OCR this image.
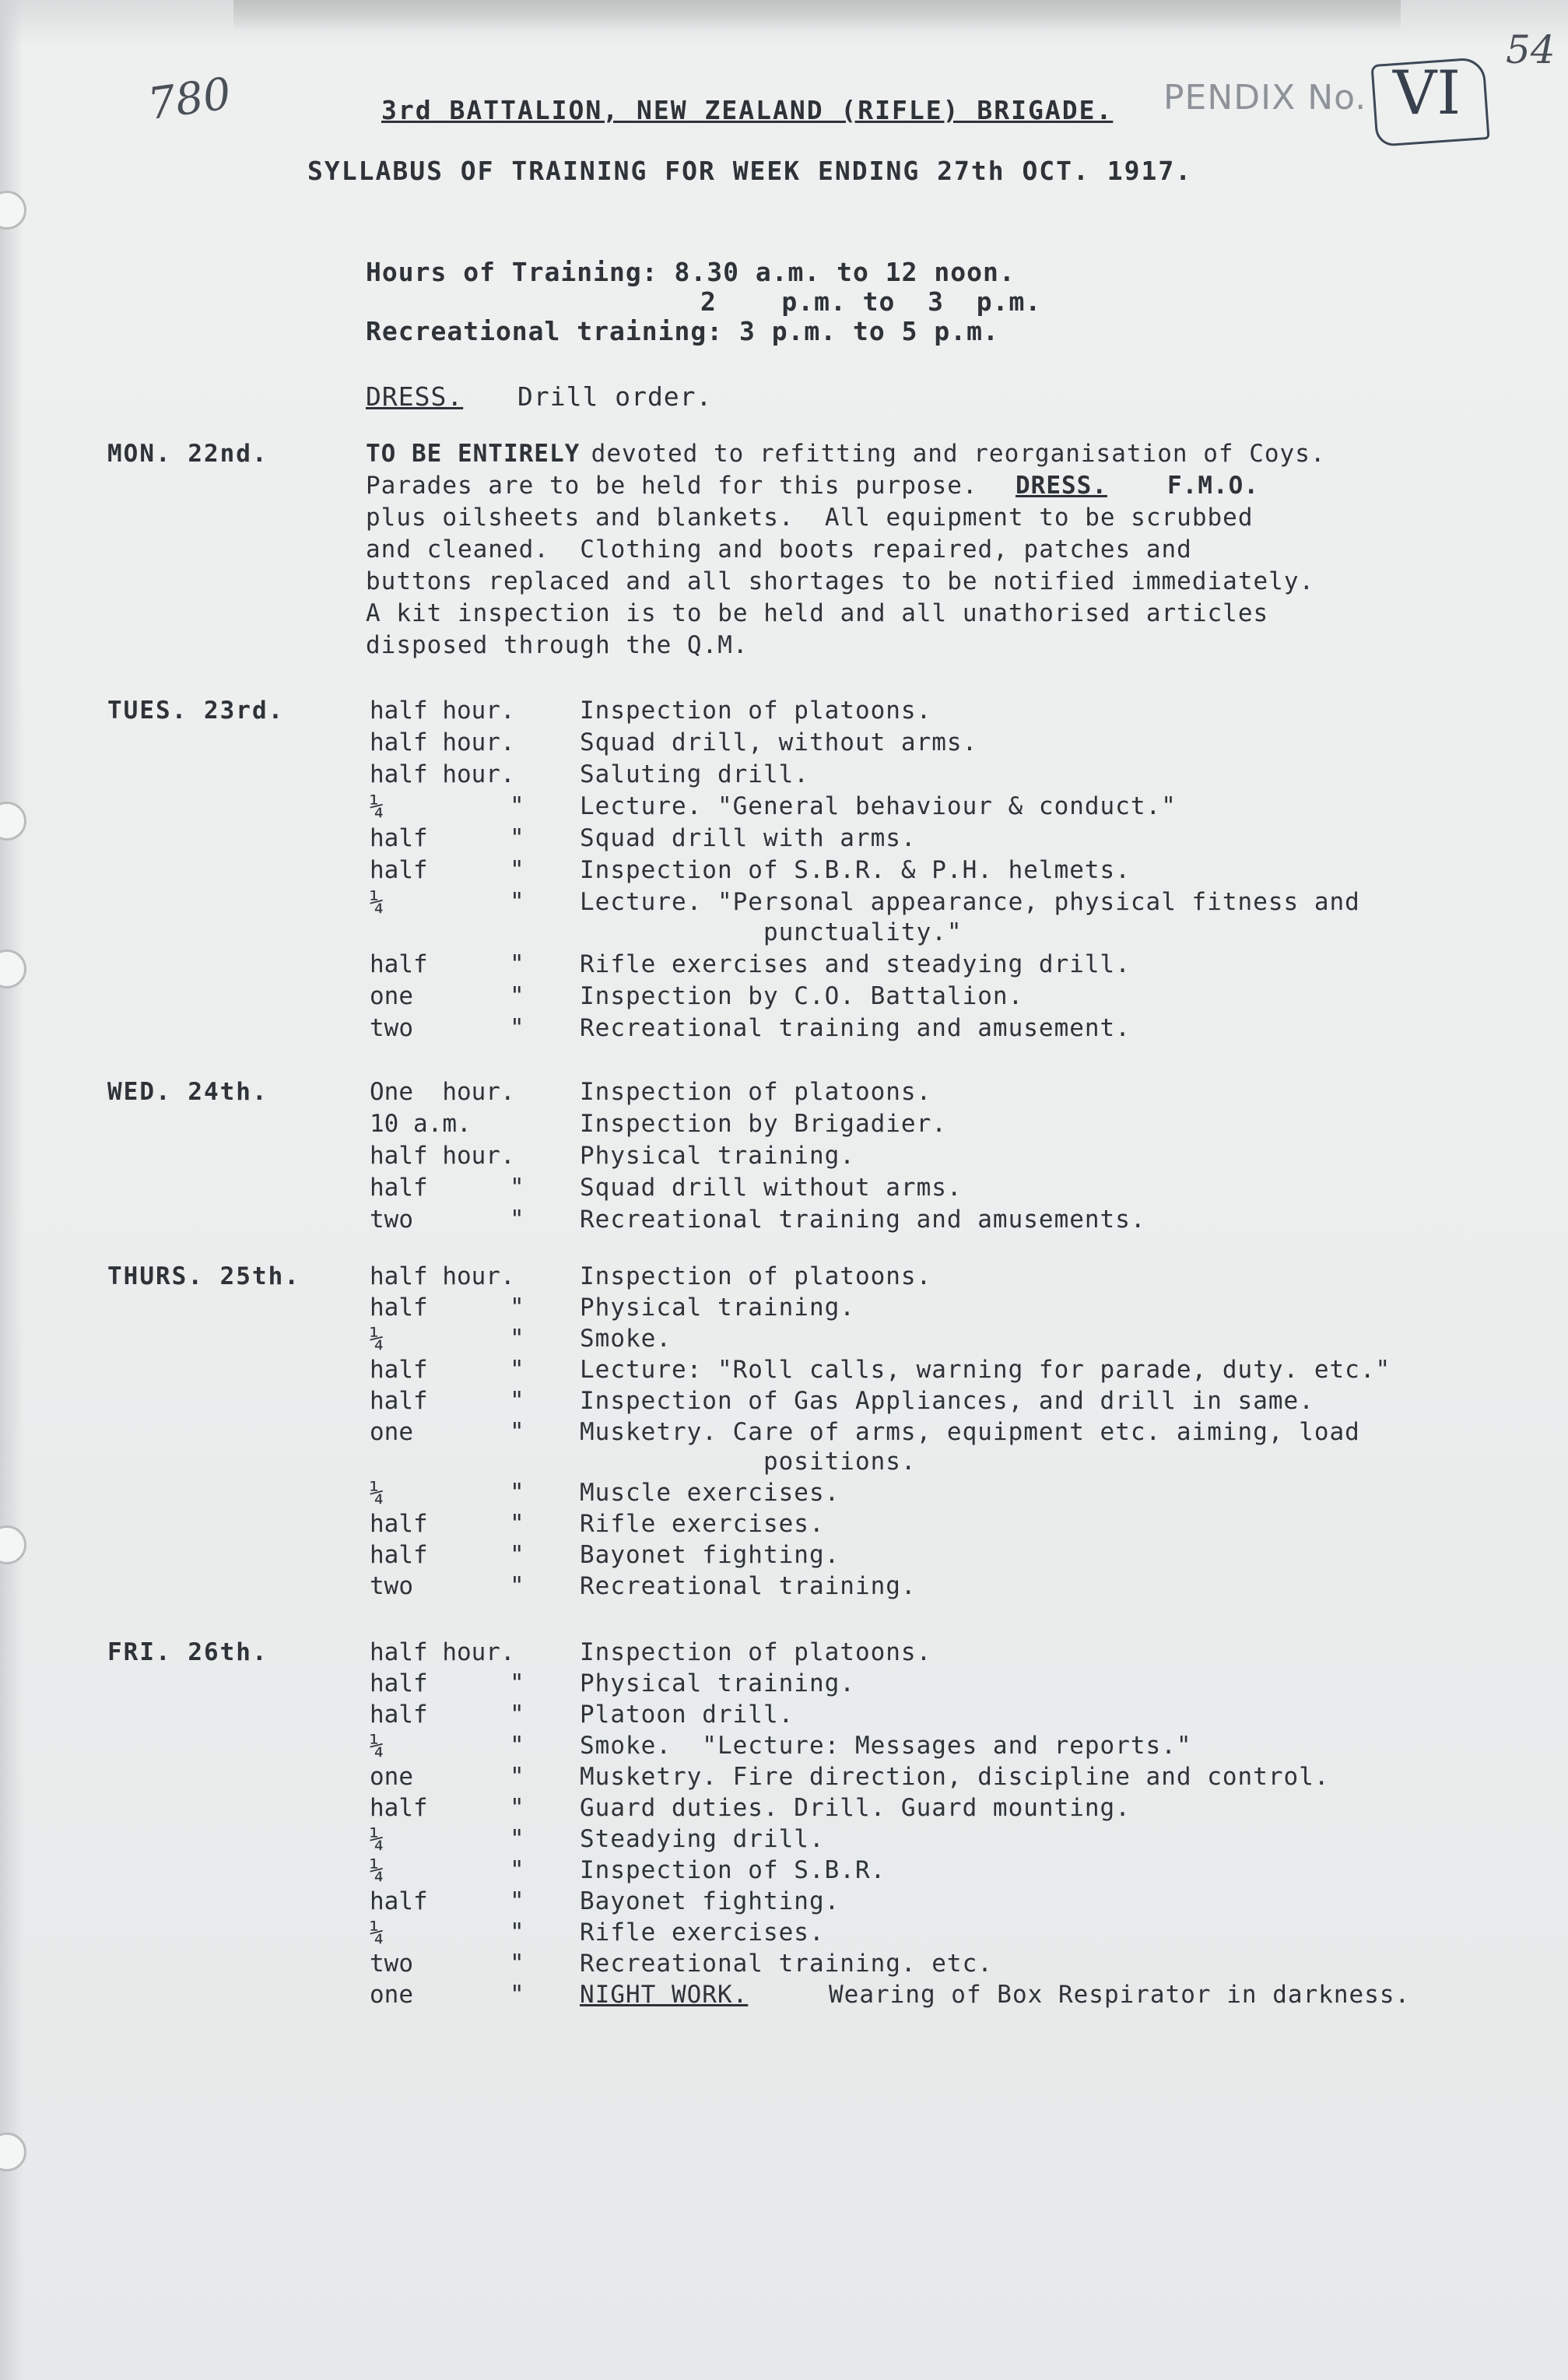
780
54
PENDIX No. VI
3rd BATTALION, NEW ZEALAND (RIFLE) BRIGADE.
SYLLABUS OF TRAINING FOR WEEK ENDING 27th OCT. 1917.
Hours of Training: 8.30 a.m. to 12 noon.
2    p.m. to  3  p.m.
Recreational training: 3 p.m. to 5 p.m.
DRESS. Drill order.
MON. 22nd.	TO BE ENTIRELY
devoted to refitting and reorganisation of Coys.
Parades are to be held for this purpose. DRESS. F.M.O.
plus oilsheets and blankets.  All equipment to be scrubbed
and cleaned.  Clothing and boots repaired, patches and
buttons replaced and all shortages to be notified immediately.
A kit inspection is to be held and all unathorised articles
disposed through the Q.M.
TUES. 23rd.	half hour.	Inspection of platoons.
half hour.	Squad drill, without arms.
half hour.	Saluting drill.
¼	" Lecture. "General behaviour & conduct."
half	" Squad drill with arms.
half	" Inspection of S.B.R. & P.H. helmets.
¼	" Lecture. "Personal appearance, physical fitness and
punctuality."
half	" Rifle exercises and steadying drill.
one	" Inspection by C.O. Battalion.
two	" Recreational training and amusement.
WED. 24th.	One  hour.	Inspection of platoons.
10 a.m.	Inspection by Brigadier.
half hour.	Physical training.
half	" Squad drill without arms.
two	" Recreational training and amusements.
THURS. 25th.	half hour.	Inspection of platoons.
half	" Physical training.
¼	" Smoke.
half	" Lecture: "Roll calls, warning for parade, duty. etc."
half	" Inspection of Gas Appliances, and drill in same.
one	" Musketry. Care of arms, equipment etc. aiming, load
positions.
¼	" Muscle exercises.
half	" Rifle exercises.
half	" Bayonet fighting.
two	" Recreational training.
FRI. 26th.	half hour.	Inspection of platoons.
half	" Physical training.
half	" Platoon drill.
¼	" Smoke.  "Lecture: Messages and reports."
one	" Musketry. Fire direction, discipline and control.
half	" Guard duties. Drill. Guard mounting.
¼	" Steadying drill.
¼	" Inspection of S.B.R.
half	" Bayonet fighting.
¼	" Rifle exercises.
two	" Recreational training. etc.
one	" NIGHT WORK.	Wearing of Box Respirator in darkness.
